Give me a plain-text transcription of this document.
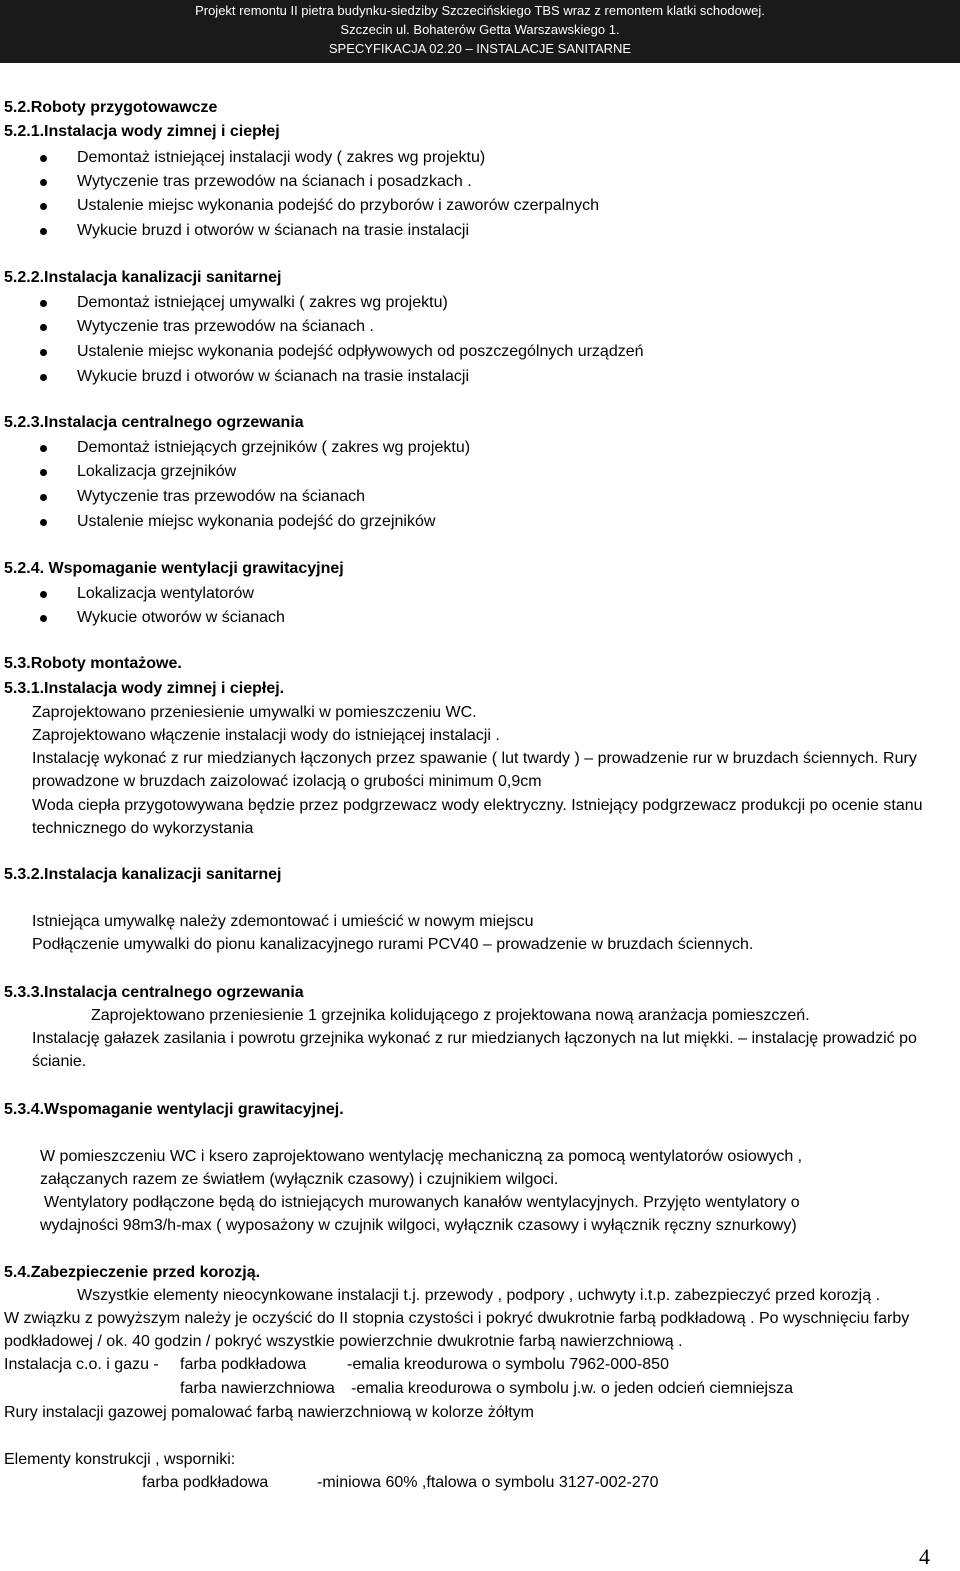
Projekt remontu II pietra budynku-siedziby Szczecińskiego TBS wraz z remontem klatki schodowej.
Szczecin ul. Bohaterów Getta Warszawskiego 1.
SPECYFIKACJA 02.20 – INSTALACJE SANITARNE
5.2.Roboty przygotowawcze
5.2.1.Instalacja wody zimnej i ciepłej
Demontaż istniejącej instalacji wody ( zakres wg projektu)
Wytyczenie tras przewodów na ścianach i posadzkach .
Ustalenie miejsc wykonania podejść do przyborów i zaworów czerpalnych
Wykucie bruzd i otworów w ścianach na trasie instalacji
5.2.2.Instalacja kanalizacji sanitarnej
Demontaż istniejącej umywalki ( zakres wg projektu)
Wytyczenie tras przewodów na ścianach .
Ustalenie miejsc wykonania podejść odpływowych od poszczególnych urządzeń
Wykucie bruzd i otworów w ścianach na trasie instalacji
5.2.3.Instalacja centralnego ogrzewania
Demontaż istniejących grzejników ( zakres wg projektu)
Lokalizacja grzejników
Wytyczenie tras przewodów na ścianach
Ustalenie miejsc wykonania podejść do grzejników
5.2.4. Wspomaganie wentylacji grawitacyjnej
Lokalizacja wentylatorów
Wykucie otworów w ścianach
5.3.Roboty montażowe.
5.3.1.Instalacja wody zimnej i ciepłej.
Zaprojektowano przeniesienie umywalki w pomieszczeniu WC.
Zaprojektowano włączenie instalacji wody do istniejącej instalacji .
Instalację wykonać z rur miedzianych łączonych przez spawanie ( lut twardy ) – prowadzenie rur w bruzdach ściennych. Rury prowadzone w bruzdach zaizolować izolacją o grubości minimum 0,9cm
Woda ciepła przygotowywana będzie przez podgrzewacz wody elektryczny. Istniejący podgrzewacz produkcji po ocenie stanu technicznego do wykorzystania
5.3.2.Instalacja kanalizacji sanitarnej
Istniejąca umywalkę należy zdemontować i umieścić w nowym miejscu
Podłączenie umywalki do pionu kanalizacyjnego rurami PCV40 – prowadzenie w bruzdach ściennych.
5.3.3.Instalacja centralnego ogrzewania
Zaprojektowano przeniesienie 1 grzejnika kolidującego z projektowana nową aranżacja pomieszczeń.
Instalację gałazek zasilania i powrotu grzejnika wykonać z rur miedzianych łączonych na lut miękki. – instalację prowadzić po ścianie.
5.3.4.Wspomaganie wentylacji grawitacyjnej.
W pomieszczeniu WC i ksero zaprojektowano wentylację mechaniczną za pomocą wentylatorów osiowych , załączanych razem ze światłem (wyłącznik czasowy) i czujnikiem wilgoci.
Wentylatory podłączone będą do istniejących murowanych kanałów wentylacyjnych. Przyjęto wentylatory o wydajności 98m3/h-max ( wyposażony w czujnik wilgoci, wyłącznik czasowy i wyłącznik ręczny sznurkowy)
5.4.Zabezpieczenie przed korozją.
Wszystkie elementy nieocynkowane instalacji t.j. przewody , podpory , uchwyty i.t.p. zabezpieczyć przed korozją .
W związku z powyższym należy je oczyścić do II stopnia czystości i pokryć dwukrotnie farbą podkładową . Po wyschnięciu farby podkładowej / ok. 40 godzin / pokryć wszystkie powierzchnie dwukrotnie farbą nawierzchniową .
Instalacja c.o. i gazu - farba podkładowa	-emalia kreodurowa o symbolu 7962-000-850
farba nawierzchniowa -emalia kreodurowa o symbolu j.w. o jeden odcień ciemniejsza
Rury instalacji gazowej pomalować farbą nawierzchniową w kolorze żółtym
Elementy konstrukcji , wsporniki:
farba podkładowa	-miniowa 60% ,ftalowa o symbolu 3127-002-270
4
